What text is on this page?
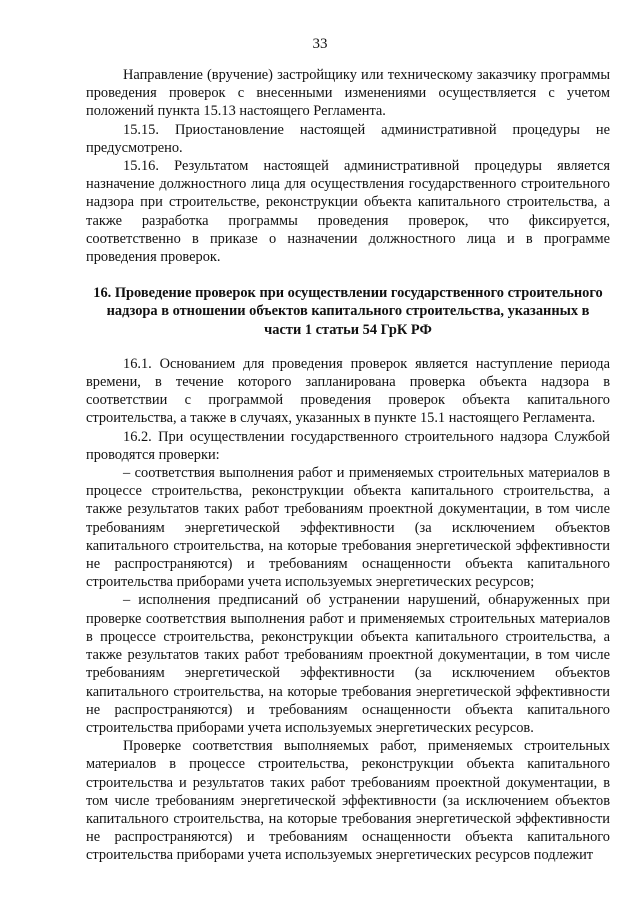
33

Направление (вручение) застройщику или техническому заказчику программы проведения проверок с внесенными изменениями осуществляется с учетом положений пункта 15.13 настоящего Регламента.

15.15. Приостановление настоящей административной процедуры не предусмотрено.

15.16. Результатом настоящей административной процедуры является назначение должностного лица для осуществления государственного строительного надзора при строительстве, реконструкции объекта капитального строительства, а также разработка программы проведения проверок, что фиксируется, соответственно в приказе о назначении должностного лица и в программе проведения проверок.

16. Проведение проверок при осуществлении государственного строительного надзора в отношении объектов капитального строительства, указанных в части 1 статьи 54 ГрК РФ

16.1. Основанием для проведения проверок является наступление периода времени, в течение которого запланирована проверка объекта надзора в соответствии с программой проведения проверок объекта капитального строительства, а также в случаях, указанных в пункте 15.1 настоящего Регламента.

16.2. При осуществлении государственного строительного надзора Службой проводятся проверки:

– соответствия выполнения работ и применяемых строительных материалов в процессе строительства, реконструкции объекта капитального строительства, а также результатов таких работ требованиям проектной документации, в том числе требованиям энергетической эффективности (за исключением объектов капитального строительства, на которые требования энергетической эффективности не распространяются) и требованиям оснащенности объекта капитального строительства приборами учета используемых энергетических ресурсов;

– исполнения предписаний об устранении нарушений, обнаруженных при проверке соответствия выполнения работ и применяемых строительных материалов в процессе строительства, реконструкции объекта капитального строительства, а также результатов таких работ требованиям проектной документации, в том числе требованиям энергетической эффективности (за исключением объектов капитального строительства, на которые требования энергетической эффективности не распространяются) и требованиям оснащенности объекта капитального строительства приборами учета используемых энергетических ресурсов.

Проверке соответствия выполняемых работ, применяемых строительных материалов в процессе строительства, реконструкции объекта капитального строительства и результатов таких работ требованиям проектной документации, в том числе требованиям энергетической эффективности (за исключением объектов капитального строительства, на которые требования энергетической эффективности не распространяются) и требованиям оснащенности объекта капитального строительства приборами учета используемых энергетических ресурсов подлежит
